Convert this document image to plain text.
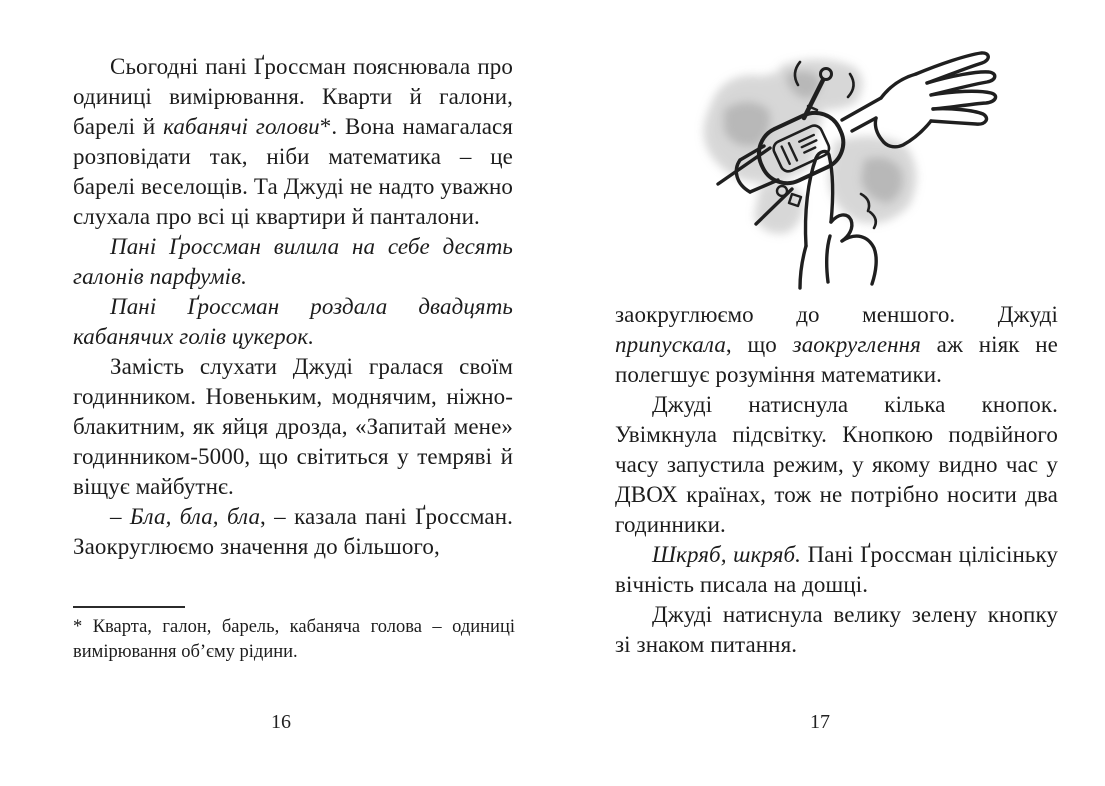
Сьогодні пані Ґроссман пояснювала про одиниці вимірювання. Кварти й галони, барелі й кабанячі голови*. Вона намагалася розповідати так, ніби математика – це барелі веселощів. Та Джуді не надто уважно слухала про всі ці квартири й панталони.

Пані Ґроссман вилила на себе десять галонів парфумів.

Пані Ґроссман роздала двадцять кабанячих голів цукерок.

Замість слухати Джуді гралася своїм годинником. Новеньким, моднячим, ніжно-блакитним, як яйця дрозда, «Запитай мене» годинником-5000, що світиться у темряві й віщує майбутнє.

– Бла, бла, бла, – казала пані Ґроссман. Заокруглюємо значення до більшого,

* Кварта, галон, барель, кабаняча голова – одиниці вимірювання об’єму рідини.
16

заокруглюємо до меншого. Джуді припускала, що заокруглення аж ніяк не полегшує розуміння математики.

Джуді натиснула кілька кнопок. Увімкнула підсвітку. Кнопкою подвійного часу запустила режим, у якому видно час у ДВОХ країнах, тож не потрібно носити два годинники.

Шкряб, шкряб. Пані Ґроссман цілісіньку вічність писала на дошці.

Джуді натиснула велику зелену кнопку зі знаком питання.

17
